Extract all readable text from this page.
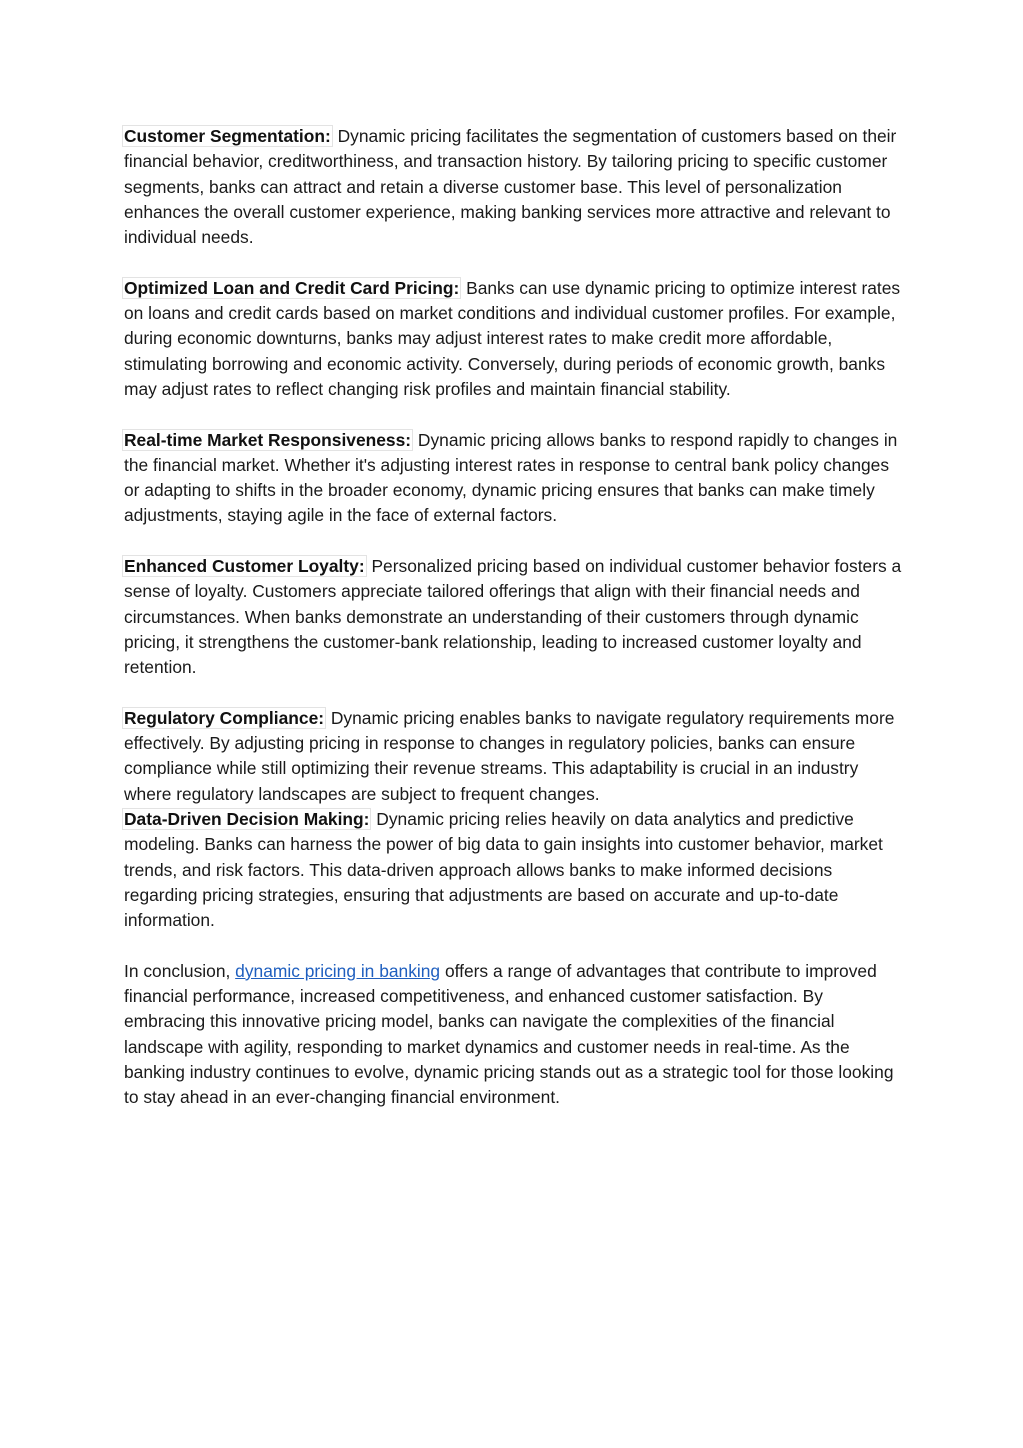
Customer Segmentation: Dynamic pricing facilitates the segmentation of customers based on their financial behavior, creditworthiness, and transaction history. By tailoring pricing to specific customer segments, banks can attract and retain a diverse customer base. This level of personalization enhances the overall customer experience, making banking services more attractive and relevant to individual needs.

Optimized Loan and Credit Card Pricing: Banks can use dynamic pricing to optimize interest rates on loans and credit cards based on market conditions and individual customer profiles. For example, during economic downturns, banks may adjust interest rates to make credit more affordable, stimulating borrowing and economic activity. Conversely, during periods of economic growth, banks may adjust rates to reflect changing risk profiles and maintain financial stability.

Real-time Market Responsiveness: Dynamic pricing allows banks to respond rapidly to changes in the financial market. Whether it's adjusting interest rates in response to central bank policy changes or adapting to shifts in the broader economy, dynamic pricing ensures that banks can make timely adjustments, staying agile in the face of external factors.

Enhanced Customer Loyalty: Personalized pricing based on individual customer behavior fosters a sense of loyalty. Customers appreciate tailored offerings that align with their financial needs and circumstances. When banks demonstrate an understanding of their customers through dynamic pricing, it strengthens the customer-bank relationship, leading to increased customer loyalty and retention.

Regulatory Compliance: Dynamic pricing enables banks to navigate regulatory requirements more effectively. By adjusting pricing in response to changes in regulatory policies, banks can ensure compliance while still optimizing their revenue streams. This adaptability is crucial in an industry where regulatory landscapes are subject to frequent changes.

Data-Driven Decision Making: Dynamic pricing relies heavily on data analytics and predictive modeling. Banks can harness the power of big data to gain insights into customer behavior, market trends, and risk factors. This data-driven approach allows banks to make informed decisions regarding pricing strategies, ensuring that adjustments are based on accurate and up-to-date information.

In conclusion, dynamic pricing in banking offers a range of advantages that contribute to improved financial performance, increased competitiveness, and enhanced customer satisfaction. By embracing this innovative pricing model, banks can navigate the complexities of the financial landscape with agility, responding to market dynamics and customer needs in real-time. As the banking industry continues to evolve, dynamic pricing stands out as a strategic tool for those looking to stay ahead in an ever-changing financial environment.
